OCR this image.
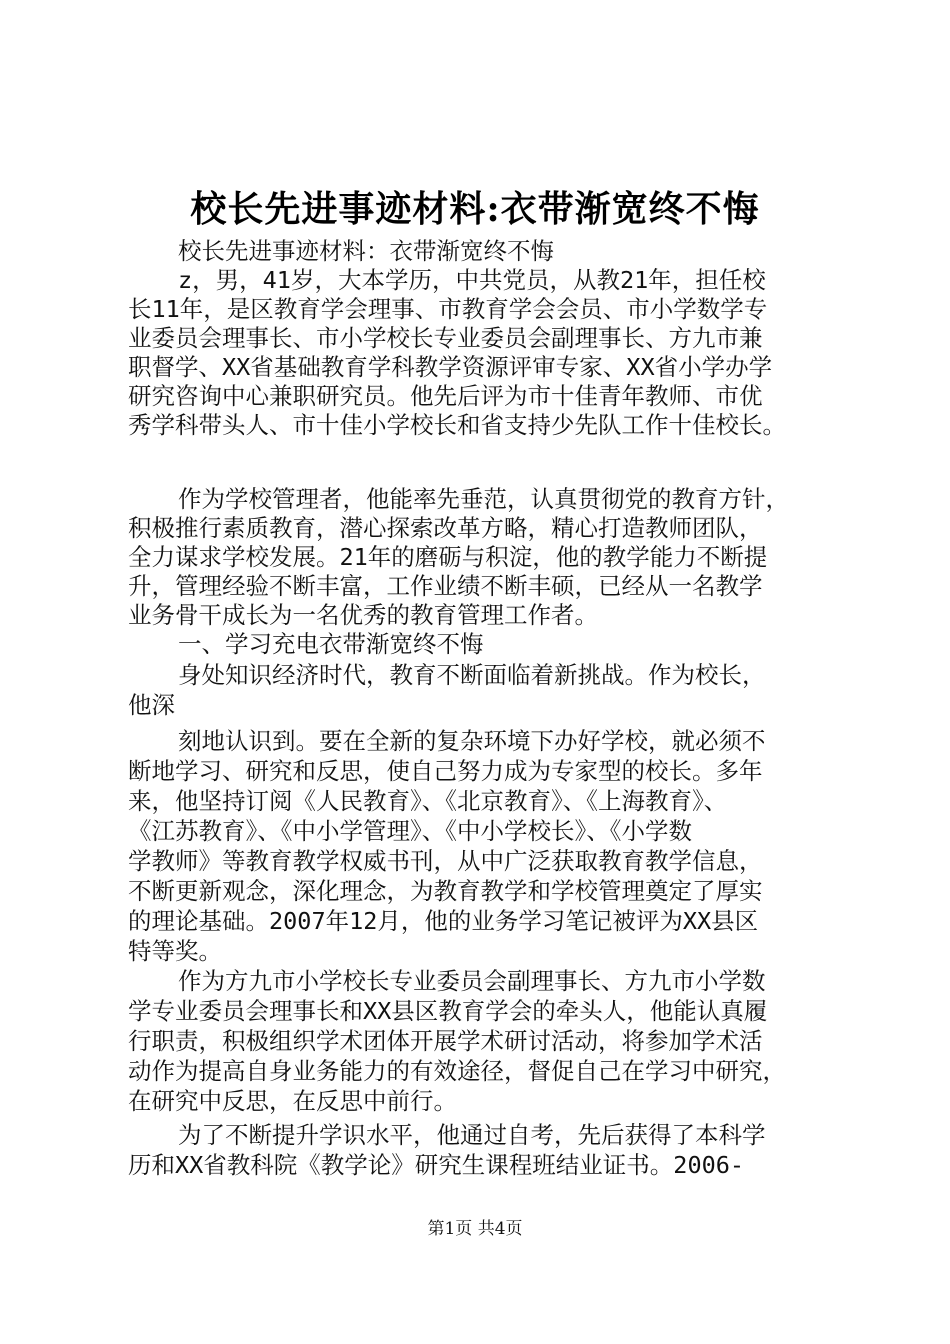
校长先进事迹材料:衣带渐宽终不悔
校长先进事迹材料：衣带渐宽终不悔
z，男，41岁，大本学历，中共党员，从教21年，担任校
长11年，是区教育学会理事、市教育学会会员、市小学数学专
业委员会理事长、市小学校长专业委员会副理事长、方九市兼
职督学、XX省基础教育学科教学资源评审专家、XX省小学办学
研究咨询中心兼职研究员。他先后评为市十佳青年教师、市优
秀学科带头人、市十佳小学校长和省支持少先队工作十佳校长。
作为学校管理者，他能率先垂范，认真贯彻党的教育方针，
积极推行素质教育，潜心探索改革方略，精心打造教师团队，
全力谋求学校发展。21年的磨砺与积淀，他的教学能力不断提
升，管理经验不断丰富，工作业绩不断丰硕，已经从一名教学
业务骨干成长为一名优秀的教育管理工作者。
一、学习充电衣带渐宽终不悔
身处知识经济时代，教育不断面临着新挑战。作为校长，
他深
刻地认识到。要在全新的复杂环境下办好学校，就必须不
断地学习、研究和反思，使自己努力成为专家型的校长。多年
来，他坚持订阅《人民教育》、《北京教育》、《上海教育》、
《江苏教育》、《中小学管理》、《中小学校长》、《小学数
学教师》等教育教学权威书刊，从中广泛获取教育教学信息，
不断更新观念，深化理念，为教育教学和学校管理奠定了厚实
的理论基础。2007年12月，他的业务学习笔记被评为XX县区
特等奖。
作为方九市小学校长专业委员会副理事长、方九市小学数
学专业委员会理事长和XX县区教育学会的牵头人，他能认真履
行职责，积极组织学术团体开展学术研讨活动，将参加学术活
动作为提高自身业务能力的有效途径，督促自己在学习中研究，
在研究中反思，在反思中前行。
为了不断提升学识水平，他通过自考，先后获得了本科学
历和XX省教科院《教学论》研究生课程班结业证书。2006-
第1页 共4页
